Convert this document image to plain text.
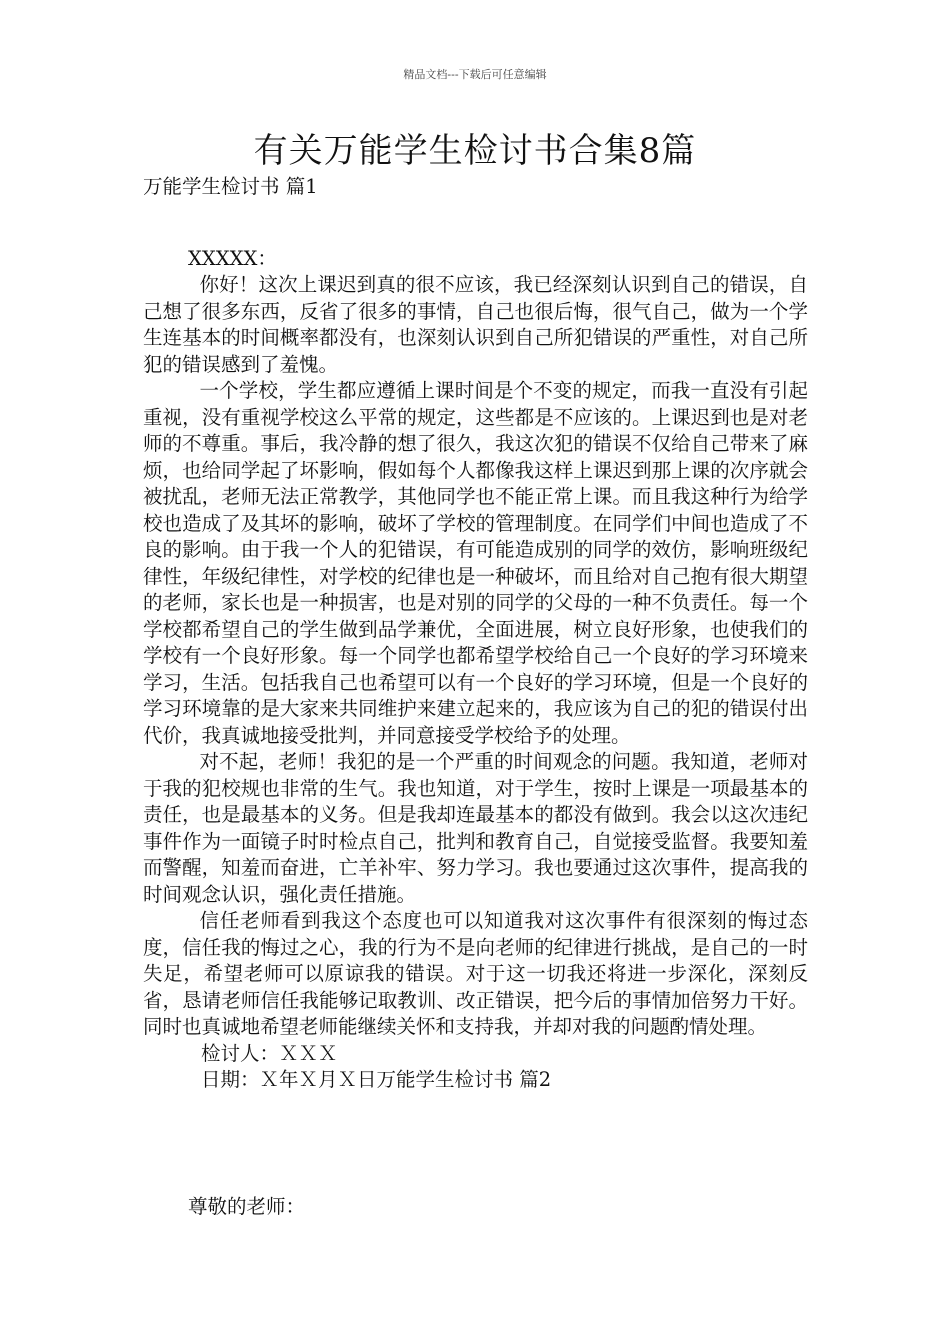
精品文档---下载后可任意编辑
有关万能学生检讨书合集8篇
万能学生检讨书 篇1
XXXXX：

你好！这次上课迟到真的很不应该，我已经深刻认识到自己的错误，自己想了很多东西，反省了很多的事情，自己也很后悔，很气自己，做为一个学生连基本的时间概率都没有，也深刻认识到自己所犯错误的严重性，对自己所犯的错误感到了羞愧。

一个学校，学生都应遵循上课时间是个不变的规定，而我一直没有引起重视，没有重视学校这么平常的规定，这些都是不应该的。上课迟到也是对老师的不尊重。事后，我冷静的想了很久，我这次犯的错误不仅给自己带来了麻烦，也给同学起了坏影响，假如每个人都像我这样上课迟到那上课的次序就会被扰乱，老师无法正常教学，其他同学也不能正常上课。而且我这种行为给学校也造成了及其坏的影响，破坏了学校的管理制度。在同学们中间也造成了不良的影响。由于我一个人的犯错误，有可能造成别的同学的效仿，影响班级纪律性，年级纪律性，对学校的纪律也是一种破坏，而且给对自己抱有很大期望的老师，家长也是一种损害，也是对别的同学的父母的一种不负责任。每一个学校都希望自己的学生做到品学兼优，全面进展，树立良好形象，也使我们的学校有一个良好形象。每一个同学也都希望学校给自己一个良好的学习环境来学习，生活。包括我自己也希望可以有一个良好的学习环境，但是一个良好的学习环境靠的是大家来共同维护来建立起来的，我应该为自己的犯的错误付出代价，我真诚地接受批判，并同意接受学校给予的处理。

对不起，老师！我犯的是一个严重的时间观念的问题。我知道，老师对于我的犯校规也非常的生气。我也知道，对于学生，按时上课是一项最基本的责任，也是最基本的义务。但是我却连最基本的都没有做到。我会以这次违纪事件作为一面镜子时时检点自己，批判和教育自己，自觉接受监督。我要知羞而警醒，知羞而奋进，亡羊补牢、努力学习。我也要通过这次事件，提高我的时间观念认识，强化责任措施。

信任老师看到我这个态度也可以知道我对这次事件有很深刻的悔过态度，信任我的悔过之心，我的行为不是向老师的纪律进行挑战，是自己的一时失足，希望老师可以原谅我的错误。对于这一切我还将进一步深化，深刻反省，恳请老师信任我能够记取教训、改正错误，把今后的事情加倍努力干好。同时也真诚地希望老师能继续关怀和支持我，并却对我的问题酌情处理。

检讨人：ＸＸＸ

日期：Ｘ年Ｘ月Ｘ日万能学生检讨书 篇2

尊敬的老师：
